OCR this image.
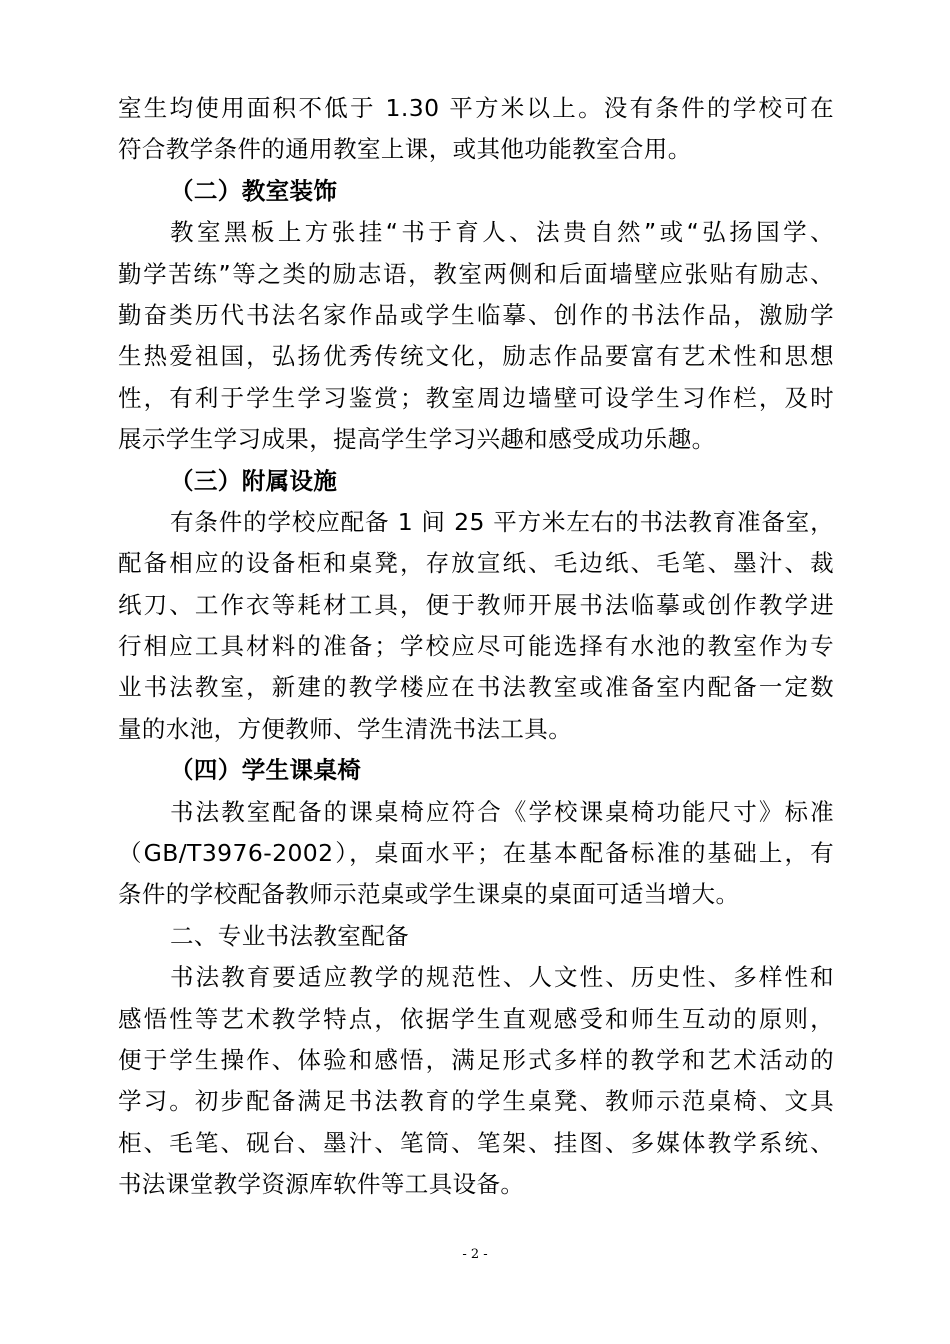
室生均使用面积不低于 1.30 平方米以上。没有条件的学校可在
符合教学条件的通用教室上课，或其他功能教室合用。
（二）教室装饰
教室黑板上方张挂“书于育人、法贵自然”或“弘扬国学、
勤学苦练”等之类的励志语，教室两侧和后面墙壁应张贴有励志、
勤奋类历代书法名家作品或学生临摹、创作的书法作品，激励学
生热爱祖国，弘扬优秀传统文化，励志作品要富有艺术性和思想
性，有利于学生学习鉴赏；教室周边墙壁可设学生习作栏，及时
展示学生学习成果，提高学生学习兴趣和感受成功乐趣。
（三）附属设施
有条件的学校应配备 1 间 25 平方米左右的书法教育准备室，
配备相应的设备柜和桌凳，存放宣纸、毛边纸、毛笔、墨汁、裁
纸刀、工作衣等耗材工具，便于教师开展书法临摹或创作教学进
行相应工具材料的准备；学校应尽可能选择有水池的教室作为专
业书法教室，新建的教学楼应在书法教室或准备室内配备一定数
量的水池，方便教师、学生清洗书法工具。
（四）学生课桌椅
书法教室配备的课桌椅应符合《学校课桌椅功能尺寸》标准
（GB/T3976-2002），桌面水平；在基本配备标准的基础上，有
条件的学校配备教师示范桌或学生课桌的桌面可适当增大。
二、专业书法教室配备
书法教育要适应教学的规范性、人文性、历史性、多样性和
感悟性等艺术教学特点，依据学生直观感受和师生互动的原则，
便于学生操作、体验和感悟，满足形式多样的教学和艺术活动的
学习。初步配备满足书法教育的学生桌凳、教师示范桌椅、文具
柜、毛笔、砚台、墨汁、笔筒、笔架、挂图、多媒体教学系统、
书法课堂教学资源库软件等工具设备。
- 2 -
